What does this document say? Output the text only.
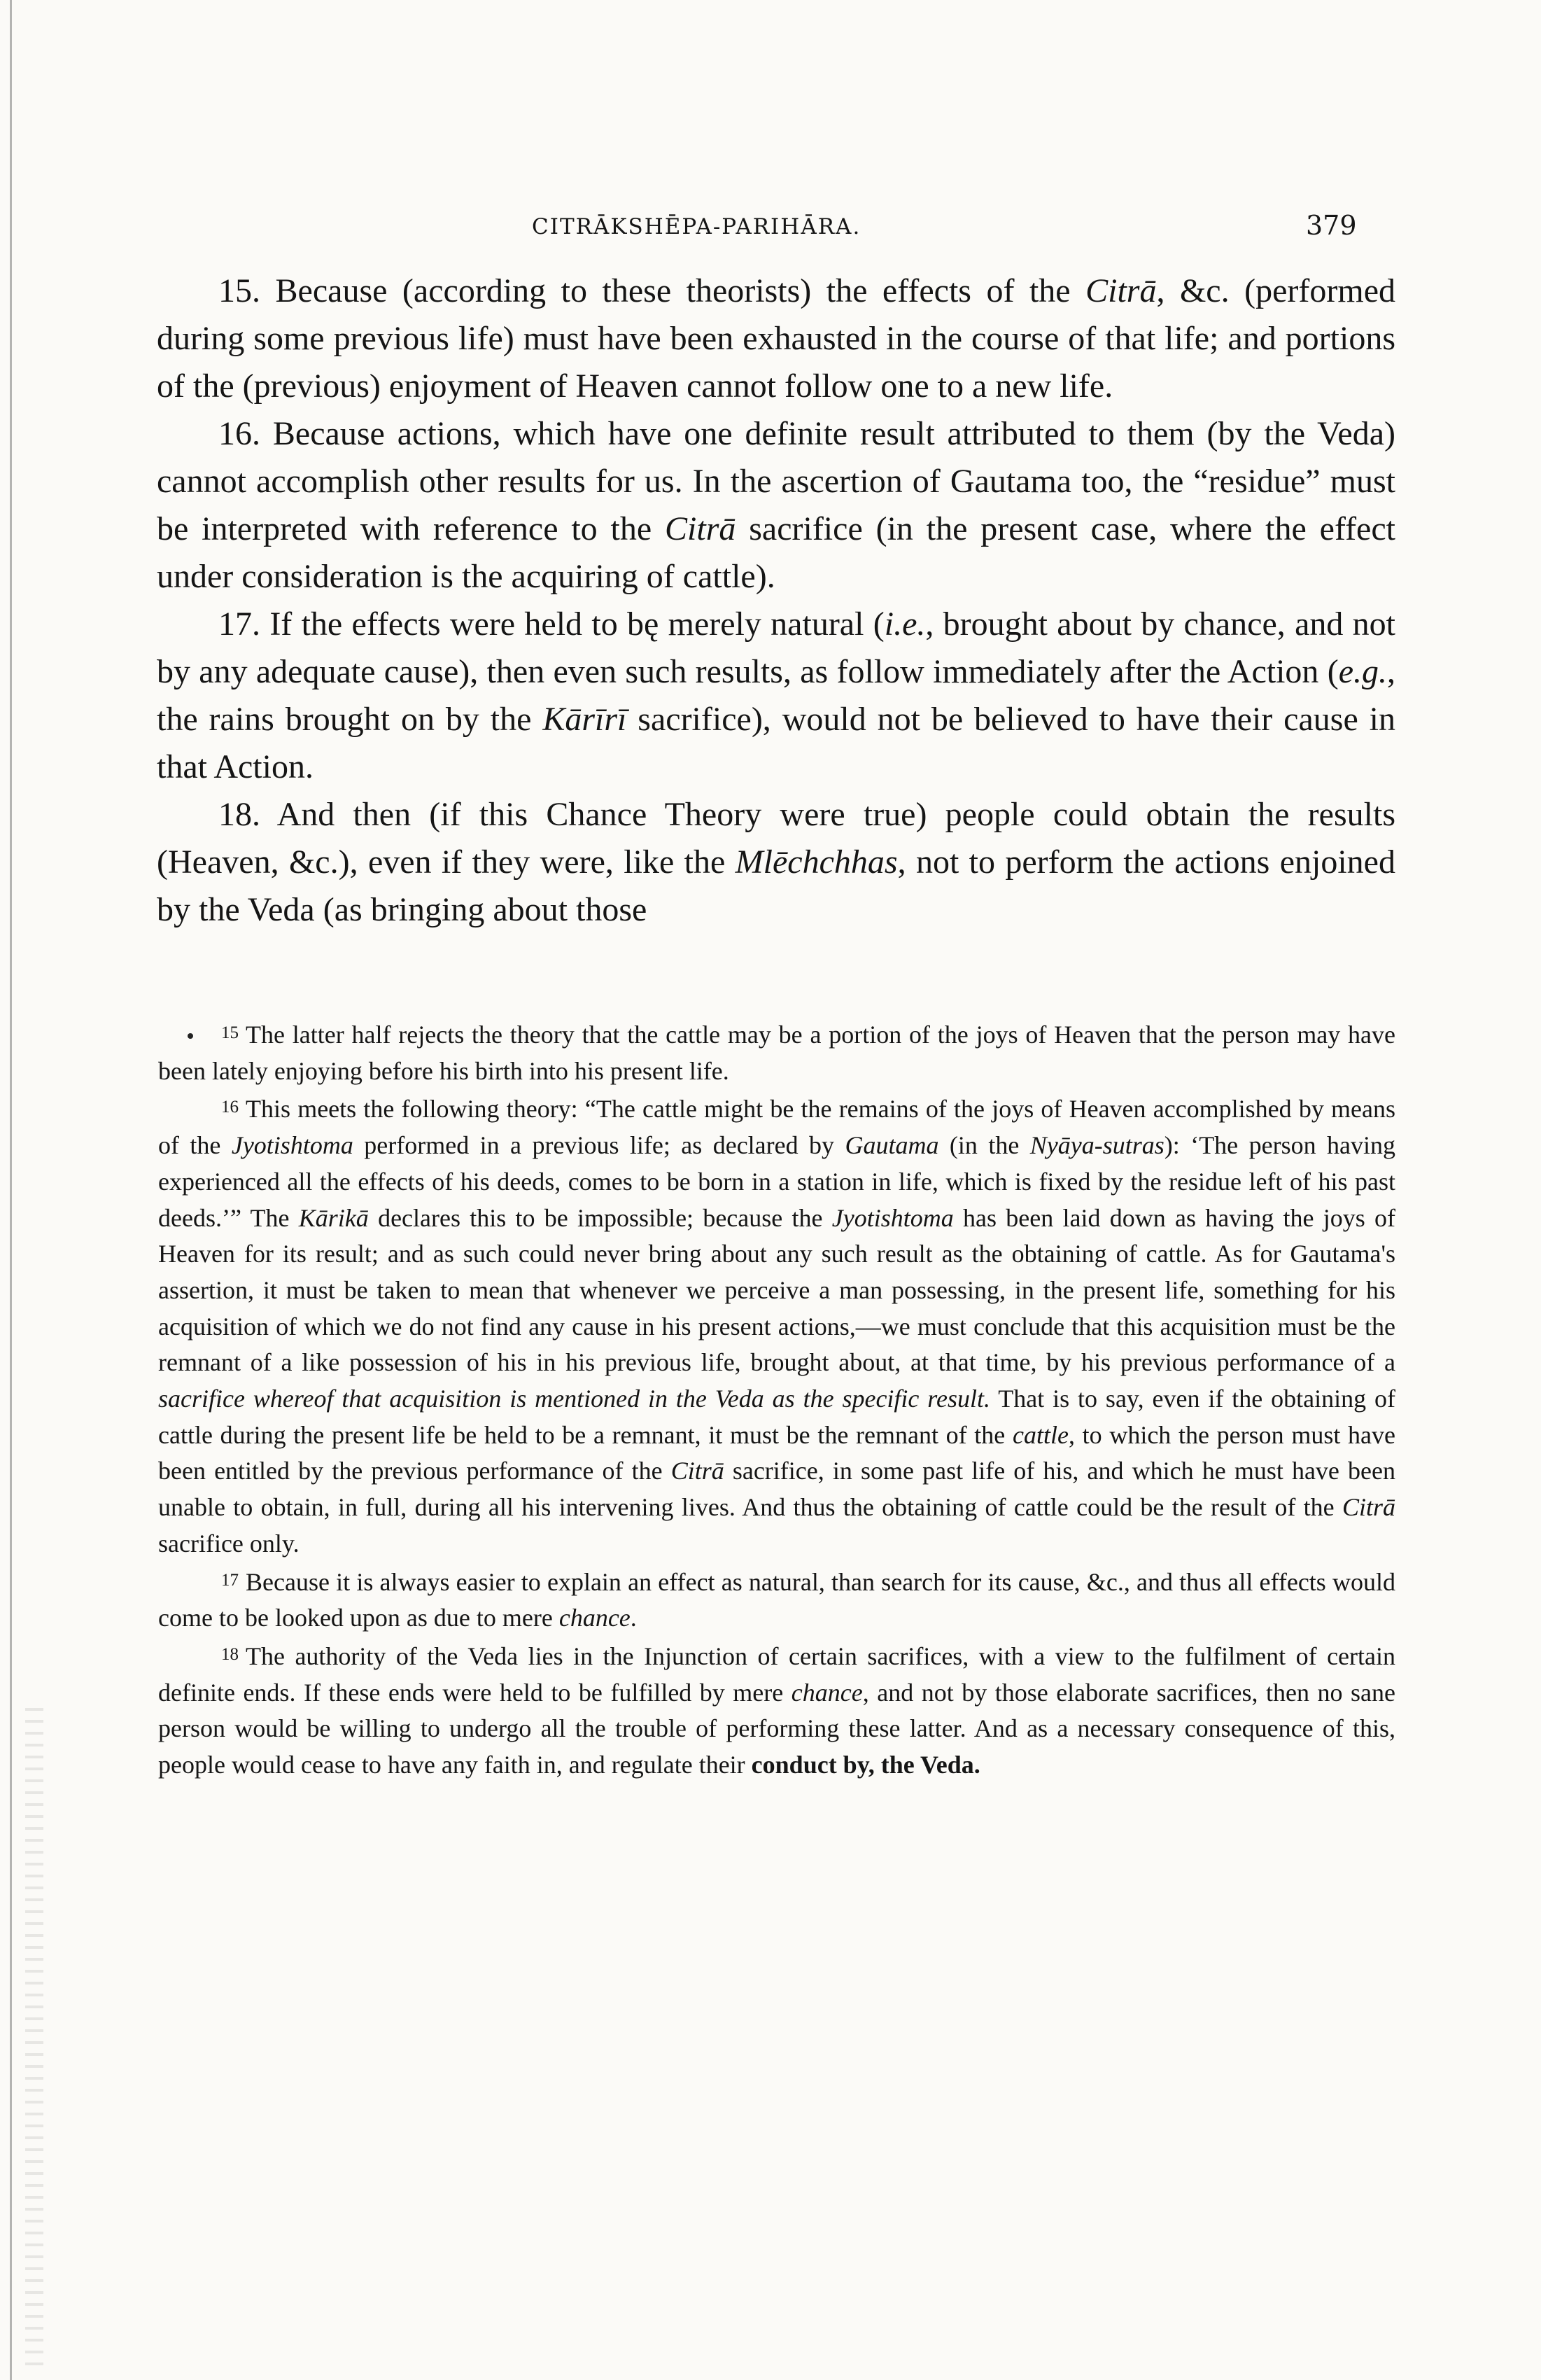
CITRĀKSHĒPA-PARIHĀRA.	379

15. Because (according to these theorists) the effects of the Citrā, &c. (performed during some previous life) must have been exhausted in the course of that life; and portions of the (previous) enjoyment of Heaven cannot follow one to a new life.

16. Because actions, which have one definite result attributed to them (by the Veda) cannot accomplish other results for us. In the ascertion of Gautama too, the “residue” must be interpreted with reference to the Citrā sacrifice (in the present case, where the effect under consideration is the acquiring of cattle).

17. If the effects were held to bę merely natural (i.e., brought about by chance, and not by any adequate cause), then even such results, as follow immediately after the Action (e.g., the rains brought on by the Kārīrī sacrifice), would not be believed to have their cause in that Action.

18. And then (if this Chance Theory were true) people could obtain the results (Heaven, &c.), even if they were, like the Mlēchchhas, not to perform the actions enjoined by the Veda (as bringing about those

15 The latter half rejects the theory that the cattle may be a portion of the joys of Heaven that the person may have been lately enjoying before his birth into his present life.

16 This meets the following theory: “The cattle might be the remains of the joys of Heaven accomplished by means of the Jyotishtoma performed in a previous life; as declared by Gautama (in the Nyāya-sutras): ‘The person having experienced all the effects of his deeds, comes to be born in a station in life, which is fixed by the residue left of his past deeds.’” The Kārikā declares this to be impossible; because the Jyotishtoma has been laid down as having the joys of Heaven for its result; and as such could never bring about any such result as the obtaining of cattle. As for Gautama's assertion, it must be taken to mean that whenever we perceive a man possessing, in the present life, something for his acquisition of which we do not find any cause in his present actions,—we must conclude that this acquisition must be the remnant of a like possession of his in his previous life, brought about, at that time, by his previous performance of a sacrifice whereof that acquisition is mentioned in the Veda as the specific result. That is to say, even if the obtaining of cattle during the present life be held to be a remnant, it must be the remnant of the cattle, to which the person must have been entitled by the previous performance of the Citrā sacrifice, in some past life of his, and which he must have been unable to obtain, in full, during all his intervening lives. And thus the obtaining of cattle could be the result of the Citrā sacrifice only.

17 Because it is always easier to explain an effect as natural, than search for its cause, &c., and thus all effects would come to be looked upon as due to mere chance.

18 The authority of the Veda lies in the Injunction of certain sacrifices, with a view to the fulfilment of certain definite ends. If these ends were held to be fulfilled by mere chance, and not by those elaborate sacrifices, then no sane person would be willing to undergo all the trouble of performing these latter. And as a necessary consequence of this, people would cease to have any faith in, and regulate their conduct by, the Veda.
